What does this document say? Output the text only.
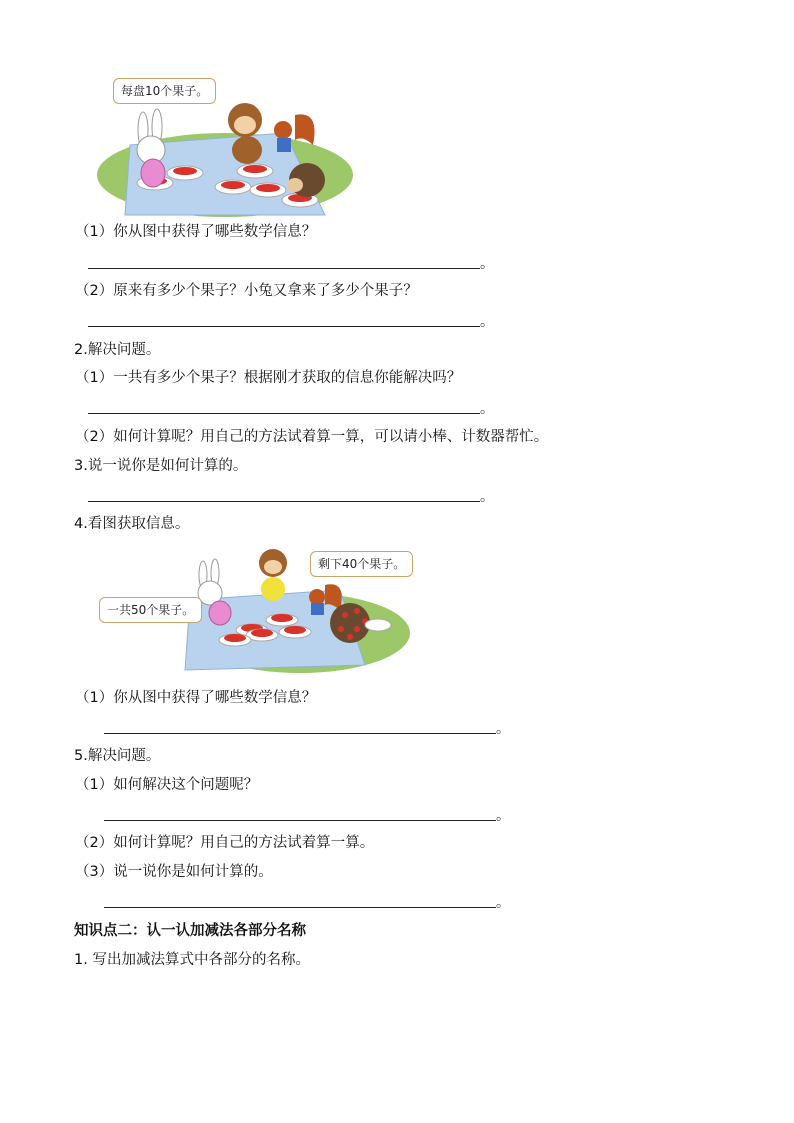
每盘10个果子。
（1）你从图中获得了哪些数学信息？
。
（2）原来有多少个果子？小兔又拿来了多少个果子？
。
2.解决问题。
（1）一共有多少个果子？根据刚才获取的信息你能解决吗？
。
（2）如何计算呢？用自己的方法试着算一算，可以请小棒、计数器帮忙。
3.说一说你是如何计算的。
。
4.看图获取信息。
剩下40个果子。
一共50个果子。
（1）你从图中获得了哪些数学信息？
。
5.解决问题。
（1）如何解决这个问题呢？
。
（2）如何计算呢？用自己的方法试着算一算。
（3）说一说你是如何计算的。
。
知识点二：认一认加减法各部分名称
1. 写出加减法算式中各部分的名称。
